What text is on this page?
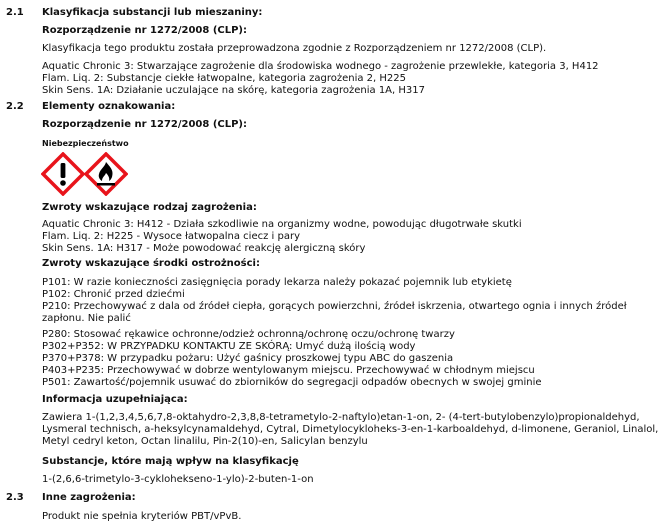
2.1 Klasyfikacja substancji lub mieszaniny:
Rozporządzenie nr 1272/2008 (CLP):
Klasyfikacja tego produktu została przeprowadzona zgodnie z Rozporządzeniem nr 1272/2008 (CLP).
Aquatic Chronic 3: Stwarzające zagrożenie dla środowiska wodnego - zagrożenie przewlekłe, kategoria 3, H412
Flam. Liq. 2: Substancje ciekłe łatwopalne, kategoria zagrożenia 2, H225
Skin Sens. 1A: Działanie uczulające na skórę, kategoria zagrożenia 1A, H317
2.2 Elementy oznakowania:
Rozporządzenie nr 1272/2008 (CLP):
Niebezpieczeństwo
Zwroty wskazujące rodzaj zagrożenia:
Aquatic Chronic 3: H412 - Działa szkodliwie na organizmy wodne, powodując długotrwałe skutki
Flam. Liq. 2: H225 - Wysoce łatwopalna ciecz i pary
Skin Sens. 1A: H317 - Może powodować reakcję alergiczną skóry
Zwroty wskazujące środki ostrożności:
P101: W razie konieczności zasięgnięcia porady lekarza należy pokazać pojemnik lub etykietę
P102: Chronić przed dziećmi
P210: Przechowywać z dala od źródeł ciepła, gorących powierzchni, źródeł iskrzenia, otwartego ognia i innych źródeł zapłonu. Nie palić
P280: Stosować rękawice ochronne/odzież ochronną/ochronę oczu/ochronę twarzy
P302+P352: W PRZYPADKU KONTAKTU ZE SKÓRĄ: Umyć dużą ilością wody
P370+P378: W przypadku pożaru: Użyć gaśnicy proszkowej typu ABC do gaszenia
P403+P235: Przechowywać w dobrze wentylowanym miejscu. Przechowywać w chłodnym miejscu
P501: Zawartość/pojemnik usuwać do zbiorników do segregacji odpadów obecnych w swojej gminie
Informacja uzupełniająca:
Zawiera 1-(1,2,3,4,5,6,7,8-oktahydro-2,3,8,8-tetrametylo-2-naftylo)etan-1-on, 2- (4-tert-butylobenzylo)propionaldehyd, Lysmeral technisch, a-heksylcynamaldehyd, Cytral, Dimetylocykloheks-3-en-1-karboaldehyd, d-limonene, Geraniol, Linalol, Metyl cedryl keton, Octan linalilu, Pin-2(10)-en, Salicylan benzylu
Substancje, które mają wpływ na klasyfikację
1-(2,6,6-trimetylo-3-cyklohekseno-1-ylo)-2-buten-1-on
2.3 Inne zagrożenia:
Produkt nie spełnia kryteriów PBT/vPvB.
